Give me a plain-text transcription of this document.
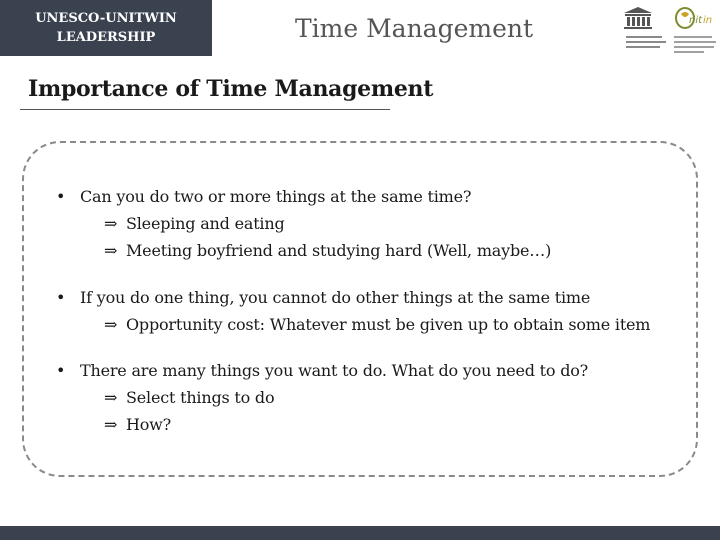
UNESCO-UNITWIN
LEADERSHIP	Time Management	nit in
Importance of Time Management
• Can you do two or more things at the same time?
⇒ Sleeping and eating
⇒ Meeting boyfriend and studying hard (Well, maybe…)
• If you do one thing, you cannot do other things at the same time
⇒ Opportunity cost: Whatever must be given up to obtain some item
• There are many things you want to do. What do you need to do?
⇒ Select things to do
⇒ How?
